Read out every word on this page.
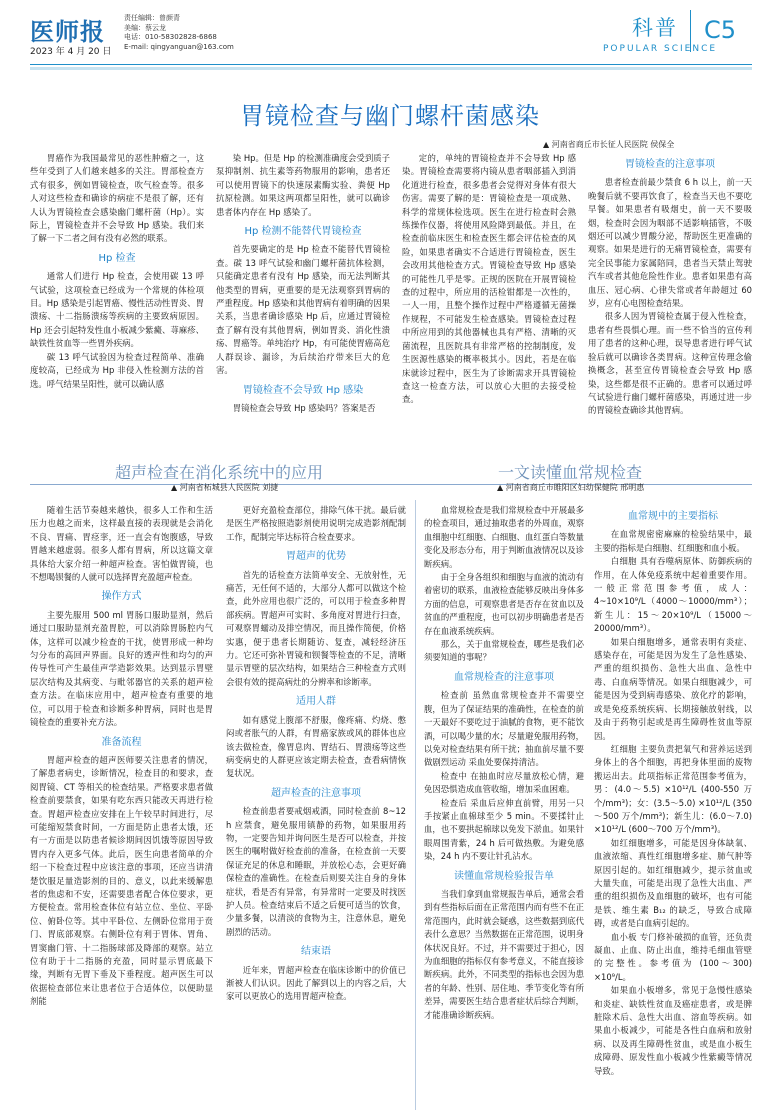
医师报
2023 年 4 月 20 日
责任编辑：曾颜青
美编：蔡云龙
电话：010-58302828-6868
E-mail: qingyanguan@163.com
科普
POPULAR SCIENCE
C5
胃镜检查与幽门螺杆菌感染
▲ 河南省商丘市长征人民医院 侯保全

胃癌作为我国最常见的恶性肿瘤之一，这些年受到了人们越来越多的关注。胃部检查方式有很多，例如胃镜检查，吹气检查等。很多人对这些检查和确诊的病症不是很了解，还有人认为胃镜检查会感染幽门螺杆菌（Hp）。实际上，胃镜检查并不会导致 Hp 感染。我们来了解一下二者之间有没有必然的联系。

Hp 检查

通常人们进行 Hp 检查，会使用碳 13 呼气试验，这项检查已经成为一个常规的体检项目。Hp 感染是引起胃癌、慢性活动性胃炎、胃溃疡、十二指肠溃疡等疾病的主要致病原因。Hp 还会引起特发性血小板减少紫癜、荨麻疹、缺铁性贫血等一些胃外疾病。

碳 13 呼气试验因为检查过程简单、准确度较高，已经成为 Hp 非侵入性检测方法的首选。呼气结果呈阳性，就可以确认感

染 Hp。但是 Hp 的检测准确度会受到质子泵抑制剂、抗生素等药物服用的影响，患者还可以使用胃镜下的快速尿素酶实验、粪便 Hp 抗原检测。如果这两项都呈阳性，就可以确诊患者体内存在 Hp 感染了。

Hp 检测不能替代胃镜检查

首先要确定的是 Hp 检查不能替代胃镜检查。碳 13 呼气试验和幽门螺杆菌抗体检测，只能确定患者有没有 Hp 感染，而无法判断其他类型的胃病，更重要的是无法观察到胃病的严重程度。Hp 感染和其他胃病有着明确的因果关系，当患者确诊感染 Hp 后，应通过胃镜检查了解有没有其他胃病，例如胃炎、消化性溃疡、胃癌等。单纯治疗 Hp，有可能使胃癌高危人群误诊、漏诊，为后续治疗带来巨大的危害。

胃镜检查不会导致 Hp 感染

胃镜检查会导致 Hp 感染吗？答案是否

定的，单纯的胃镜检查并不会导致 Hp 感染。胃镜检查需要将内镜从患者咽部插入到消化道进行检查，很多患者会觉得对身体有很大伤害。需要了解的是：胃镜检查是一项成熟、科学的常规体检选项。医生在进行检查时会熟练操作仪器，将使用风险降到最低。并且，在检查前临床医生和检查医生都会评估检查的风险，如果患者确实不合适进行胃镜检查，医生会改用其他检查方式。胃镜检查导致 Hp 感染的可能性几乎是零。正规的医院在开展胃镜检查的过程中，所应用的活检钳都是一次性的，一人一用，且整个操作过程中严格遵循无菌操作规程，不可能发生检查感染。胃镜检查过程中所应用到的其他器械也具有严格、清晰的灭菌流程，且医院具有非常严格的控制制度，发生医源性感染的概率极其小。因此，若是在临床就诊过程中，医生为了诊断需求开具胃镜检查这一检查方法，可以放心大胆的去接受检查。

胃镜检查的注意事项

患者检查前最少禁食 6 h 以上，前一天晚餐后就不要再饮食了，检查当天也不要吃早餐。如果患者有吸烟史，前一天不要吸烟，检查时会因为咽部不适影响插管，不吸烟还可以减少胃酸分泌，帮助医生更准确的观察。如果是进行的无痛胃镜检查，需要有完全民事能力家属陪同，患者当天禁止驾驶汽车或者其他危险性作业。患者如果患有高血压、冠心病、心律失常或者年龄超过 60 岁，应有心电图检查结果。

很多人因为胃镜检查属于侵入性检查，患者有些畏惧心理。而一些不恰当的宣传利用了患者的这种心理，误导患者进行呼气试验后就可以确诊各类胃病。这种宣传理念偷换概念，甚至宣传胃镜检查会导致 Hp 感染，这些都是很不正确的。患者可以通过呼气试验进行幽门螺杆菌感染，再通过进一步的胃镜检查确诊其他胃病。

超声检查在消化系统中的应用
▲ 河南省柘城县人民医院 刘捷

随着生活节奏越来越快，很多人工作和生活压力也越之而来，这样最直接的表现就是会消化不良、胃痛、胃痉挛，还一直会有饱腹感，导致胃越来越虚弱。很多人都有胃病，所以这篇文章具体给大家介绍一种超声检查。害怕做胃镜，也不想喝钡餐的人就可以选择胃充盈超声检查。

操作方式

主要先服用 500 ml 胃肠口服助显剂，然后通过口服助显剂充盈胃腔，可以消除胃肠腔内气体，这样可以减少检查的干扰，使胃形成一种均匀分布的高回声界面。良好的透声性和均匀的声传导性可产生最佳声学造影效果。达到显示胃壁层次结构及其病变、与毗邻器官的关系的超声检查方法。在临床应用中，超声检查有重要的地位，可以用于检查和诊断多种胃病，同时也是胃镜检查的重要补充方法。

准备流程

胃超声检查的超声医师要关注患者的情况，了解患者病史，诊断情况，检查目的和要求，查阅胃镜、CT 等相关的检查结果。严格要求患者做检查前要禁食，如果有吃东西只能改天再进行检查。胃超声检查应安排在上午较早时间进行，尽可能缩短禁食时间，一方面是防止患者太饿，还有一方面是以防患者候诊期间因饥饿等原因导致胃内存入更多气体。此后，医生向患者简单的介绍一下检查过程中应该注意的事项，还应当讲清楚饮服足量造影剂的目的、意义，以此来缓解患者的焦虑和不安，还需要患者配合体位要求，更方便检查。常用检查体位有站立位、坐位、平卧位、俯卧位等。其中平卧位、左侧卧位常用于贲门、胃底部观察。右侧卧位有利于胃体、胃角、胃窦幽门管、十二指肠球部及降部的观察。站立位有助于十二指肠的充盈，同时显示胃底最下缘，判断有无胃下垂及下垂程度。超声医生可以依据检查部位来让患者位于合适体位，以便助显剂能

更好充盈检查部位，排除气体干扰。最后就是医生严格按照造影剂使用说明完成造影剂配制工作，配制完毕达标符合检查要求。

胃超声的优势

首先的话检查方法简单安全、无放射性，无痛苦，无任何不适的，大部分人都可以做这个检查，此外应用也很广泛的，可以用于检查多种胃部疾病。胃超声可实时、多角度对胃进行扫查，可观察胃蠕动及排空情况，而且操作简便，价格实惠，便于患者长期随访、复查，减轻经济压力。它还可弥补胃镜和钡餐等检查的不足，清晰显示胃壁的层次结构，如果结合三种检查方式则会很有效的提高病灶的分辨率和诊断率。

适用人群

如有感觉上腹部不舒服，像疼痛、灼烧、憋闷或者胀气的人群，有胃癌家族或风的群体也应该去做检查，像胃息肉、胃结石、胃溃疡等这些病变病史的人群更应该定期去检查，查看病情恢复状况。

超声检查的注意事项

检查前患者要戒烟戒酒，同时检查前 8~12 h 应禁食，避免服用镇静的药物，如果服用药物，一定要告知并询问医生是否可以检查，并按医生的嘱咐做好检查前的准备，在检查前一天要保证充足的休息和睡眠，并放松心态，会更好确保检查的准确性。在检查后则要关注自身的身体症状，看是否有异常，有异常时一定要及时找医护人员。检查结束后不适之后便可适当的饮食，少量多餐，以清淡的食物为主，注意休息，避免剧烈的活动。

结束语

近年来，胃超声检查在临床诊断中的价值已渐被人们认识。因此了解到以上的内容之后，大家可以更放心的选用胃超声检查。

一文读懂血常规检查
▲ 河南省商丘市睢阳区妇幼保健院 邢明惠

血常规检查是我们常规检查中开展最多的检查项目，通过抽取患者的外周血，观察血细胞中红细胞、白细胞、血红蛋白等数量变化及形态分布，用于判断血液情况以及诊断疾病。

由于全身各组织和细胞与血液的流动有着密切的联系，血液检查能够反映出身体多方面的信息，可观察患者是否存在贫血以及贫血的严重程度，也可以初步明确患者是否存在血液系统疾病。

那么，关于血常规检查，哪些是我们必须要知道的事呢？

血常规检查的注意事项

检查前 虽然血常规检查并不需要空腹，但为了保证结果的准确性，在检查的前一天最好不要吃过于油腻的食物，更不能饮酒，可以喝少量的水；尽量避免服用药物，以免对检查结果有所干扰；抽血前尽量不要做剧烈运动 采血处要保持清洁。

检查中 在抽血时应尽量放松心情，避免因恐惧造成血管收缩，增加采血困难。

检查后 采血后应伸直前臂，用另一只手按紧止血棉球至少 5 min。不要揉针止血，也不要拱起棉球以免发下淤血。如果针眼周围青紫，24 h 后可做热敷。为避免感染，24 h 内不要让针孔沾水。

读懂血常规检验报告单

当我们拿到血常规报告单后，通常会看到有些指标后面在正常范围内而有些不在正常范围内，此时就会疑惑，这些数据到底代表什么意思？当然数据在正常范围，说明身体状况良好。不过，并不需要过于担心，因为血细胞的指标仅有参考意义，不能直接诊断疾病。此外，不同类型的指标也会因为患者的年龄、性别、居住地、季节变化等有所差异，需要医生结合患者症状后综合判断，才能准确诊断疾病。

血常规中的主要指标

在血常规密密麻麻的检验结果中，最主要的指标是白细胞、红细胞和血小板。

白细胞 具有吞噬病原体、防御疾病的作用，在人体免疫系统中起着重要作用。一般正常范围参考值，成人：4~10×10⁹/L（4000～10000/mm³）；新生儿：15～20×10⁹/L（15000～20000/mm³）。

如果白细胞增多，通常表明有炎症、感染存在，可能是因为发生了急性感染、严重的组织损伤、急性大出血、急性中毒、白血病等情况。如果白细胞减少，可能是因为受到病毒感染、放化疗的影响，或是免疫系统疾病、长期接触放射线，以及由于药物引起或是再生障碍性贫血等原因。

红细胞 主要负责把氧气和营养运送到身体上的各个细胞，再把身体里面的废物搬运出去。此项指标正常范围参考值为，男：(4.0～5.5) ×10¹²/L (400-550 万个/mm³)；女：(3.5～5.0) ×10¹²/L (350～500 万个/mm³)；新生儿：(6.0～7.0) ×10¹²/L (600～700 万个/mm³)。

如红细胞增多，可能是因身体缺氧、血液浓缩、真性红细胞增多症、肺气肿等原因引起的。如红细胞减少，提示贫血或大量失血，可能是出现了急性大出血、严重的组织损伤及血细胞的破坏，也有可能是铁、维生素 B₁₂ 的缺乏，导致合成障碍，或者是白血病引起的。

血小板 专门修补破损的血管，还负责凝血、止血、防止出血，维持毛细血管壁的完整性。参考值为 (100～300) ×10⁹/L。

如果血小板增多，常见于急慢性感染和炎症、缺铁性贫血及癌症患者，或是脾脏除术后、急性大出血、溶血等疾病。如果血小板减少，可能是各性白血病和放射病、以及再生障碍性贫血，或是血小板生成障碍、原发性血小板减少性紫癜等情况导致。
